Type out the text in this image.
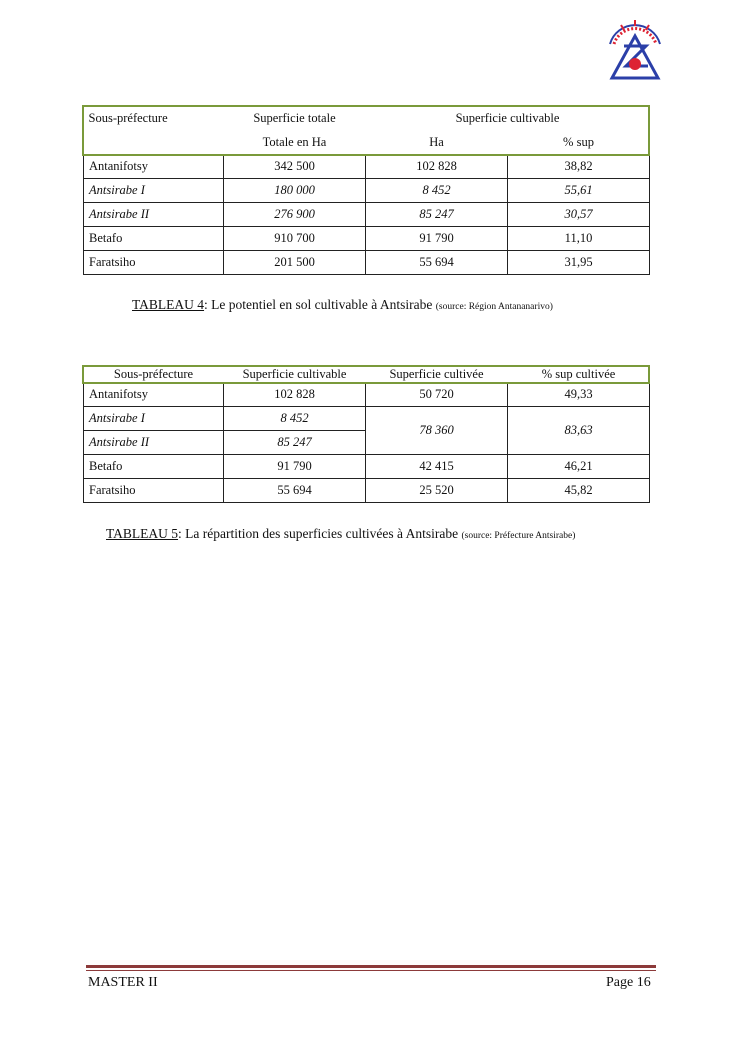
Sous-préfecture	Superficie totale	Superficie cultivable	
	Totale en Ha	Ha	% sup
Antanifotsy	342 500	102 828	38,82
Antsirabe I	180 000	8 452	55,61
Antsirabe II	276 900	85 247	30,57
Betafo	910 700	91 790	11,10
Faratsiho	201 500	55 694	31,95
TABLEAU 4: Le potentiel en sol cultivable à Antsirabe (source: Région Antananarivo)
Sous-préfecture	Superficie cultivable	Superficie cultivée	% sup cultivée
Antanifotsy	102 828	50 720	49,33
Antsirabe I	8 452	78 360	83,63
Antsirabe II	85 247		
Betafo	91 790	42 415	46,21
Faratsiho	55 694	25 520	45,82
TABLEAU 5: La répartition des superficies cultivées à Antsirabe (source: Préfecture Antsirabe)
MASTER II	Page 16
